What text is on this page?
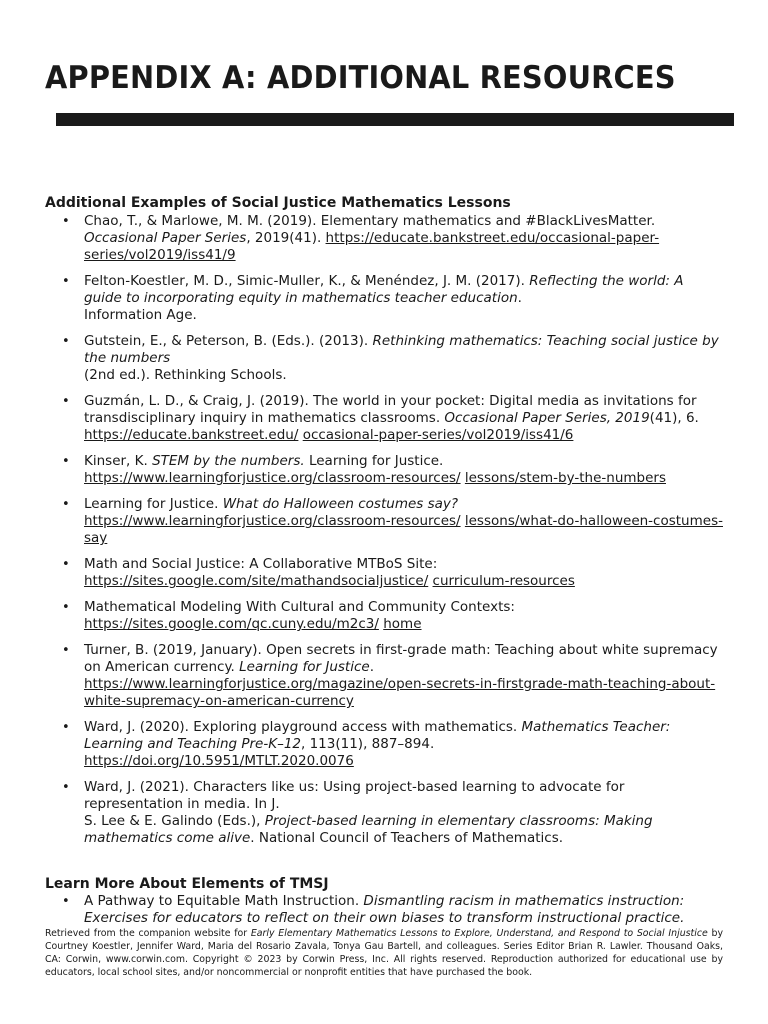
APPENDIX A: ADDITIONAL RESOURCES
Additional Examples of Social Justice Mathematics Lessons
• Chao, T., & Marlowe, M. M. (2019). Elementary mathematics and #BlackLivesMatter. Occasional Paper Series, 2019(41). https://educate.bankstreet.edu/occasional-paper-series/vol2019/iss41/9
• Felton-Koestler, M. D., Simic-Muller, K., & Menéndez, J. M. (2017). Reflecting the world: A guide to incorporating equity in mathematics teacher education.
Information Age.
• Gutstein, E., & Peterson, B. (Eds.). (2013). Rethinking mathematics: Teaching social justice by the numbers
(2nd ed.). Rethinking Schools.
• Guzmán, L. D., & Craig, J. (2019). The world in your pocket: Digital media as invitations for transdisciplinary inquiry in mathematics classrooms. Occasional Paper Series, 2019(41), 6. https://educate.bankstreet.edu/ occasional-paper-series/vol2019/iss41/6
• Kinser, K. STEM by the numbers. Learning for Justice.
https://www.learningforjustice.org/classroom-resources/ lessons/stem-by-the-numbers
• Learning for Justice. What do Halloween costumes say?
https://www.learningforjustice.org/classroom-resources/ lessons/what-do-halloween-costumes-say
• Math and Social Justice: A Collaborative MTBoS Site:
https://sites.google.com/site/mathandsocialjustice/ curriculum-resources
• Mathematical Modeling With Cultural and Community Contexts:
https://sites.google.com/qc.cuny.edu/m2c3/ home
• Turner, B. (2019, January). Open secrets in first-grade math: Teaching about white supremacy on American currency. Learning for Justice.
https://www.learningforjustice.org/magazine/open-secrets-in-firstgrade-math-teaching-about-white-supremacy-on-american-currency
• Ward, J. (2020). Exploring playground access with mathematics. Mathematics Teacher: Learning and Teaching Pre-K–12, 113(11), 887–894.
https://doi.org/10.5951/MTLT.2020.0076
• Ward, J. (2021). Characters like us: Using project-based learning to advocate for representation in media. In J.
S. Lee & E. Galindo (Eds.), Project-based learning in elementary classrooms: Making mathematics come alive. National Council of Teachers of Mathematics.
Learn More About Elements of TMSJ
• A Pathway to Equitable Math Instruction. Dismantling racism in mathematics instruction: Exercises for educators to reflect on their own biases to transform instructional practice.
Retrieved from the companion website for Early Elementary Mathematics Lessons to Explore, Understand, and Respond to Social Injustice by Courtney Koestler, Jennifer Ward, Maria del Rosario Zavala, Tonya Gau Bartell, and colleagues. Series Editor Brian R. Lawler. Thousand Oaks, CA: Corwin, www.corwin.com. Copyright © 2023 by Corwin Press, Inc. All rights reserved. Reproduction authorized for educational use by educators, local school sites, and/or noncommercial or nonprofit entities that have purchased the book.
